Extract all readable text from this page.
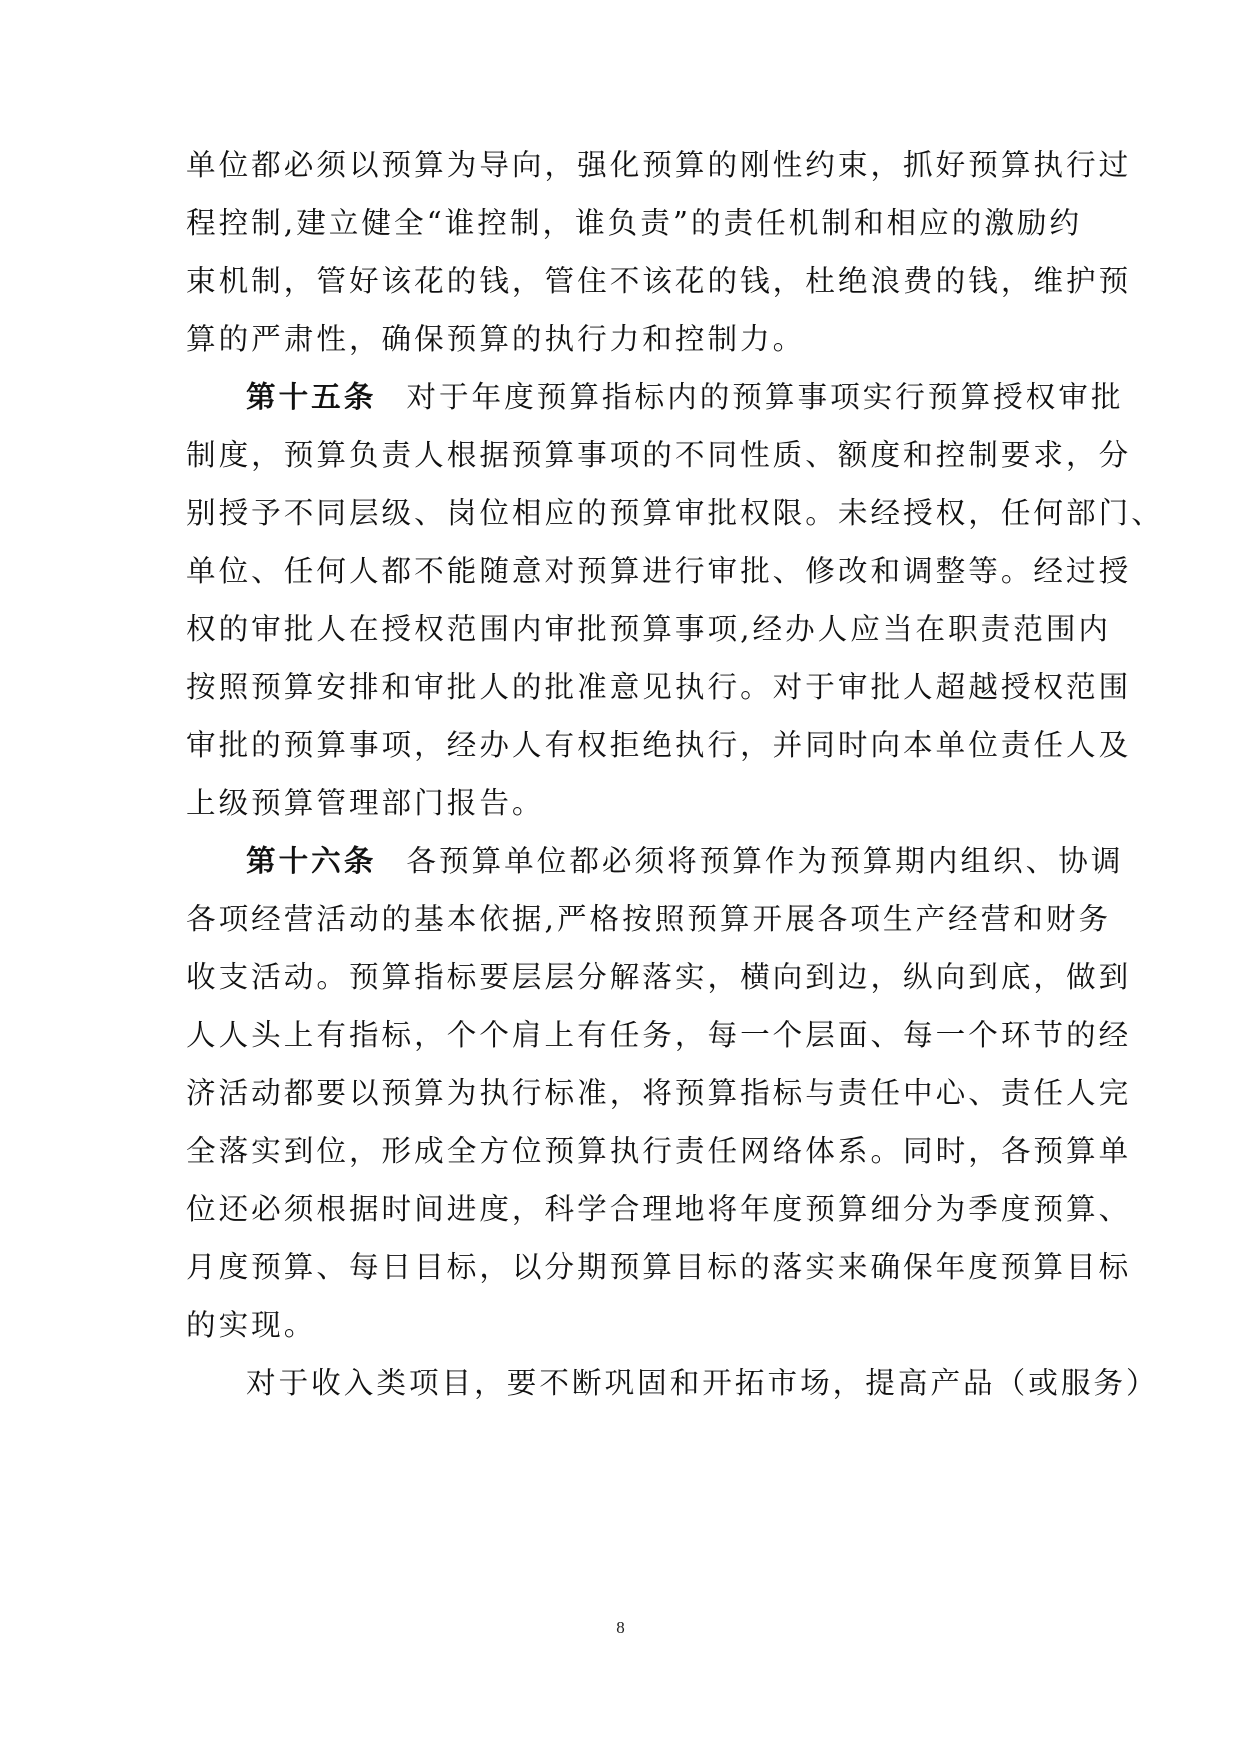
单位都必须以预算为导向，强化预算的刚性约束，抓好预算执行过
程控制,建立健全“谁控制，谁负责”的责任机制和相应的激励约
束机制，管好该花的钱，管住不该花的钱，杜绝浪费的钱，维护预
算的严肃性，确保预算的执行力和控制力。
第十五条 对于年度预算指标内的预算事项实行预算授权审批
制度，预算负责人根据预算事项的不同性质、额度和控制要求，分
别授予不同层级、岗位相应的预算审批权限。未经授权，任何部门、
单位、任何人都不能随意对预算进行审批、修改和调整等。经过授
权的审批人在授权范围内审批预算事项,经办人应当在职责范围内
按照预算安排和审批人的批准意见执行。对于审批人超越授权范围
审批的预算事项，经办人有权拒绝执行，并同时向本单位责任人及
上级预算管理部门报告。
第十六条 各预算单位都必须将预算作为预算期内组织、协调
各项经营活动的基本依据,严格按照预算开展各项生产经营和财务
收支活动。预算指标要层层分解落实，横向到边，纵向到底，做到
人人头上有指标，个个肩上有任务，每一个层面、每一个环节的经
济活动都要以预算为执行标准，将预算指标与责任中心、责任人完
全落实到位，形成全方位预算执行责任网络体系。同时，各预算单
位还必须根据时间进度，科学合理地将年度预算细分为季度预算、
月度预算、每日目标，以分期预算目标的落实来确保年度预算目标
的实现。
对于收入类项目，要不断巩固和开拓市场，提高产品（或服务）
8
